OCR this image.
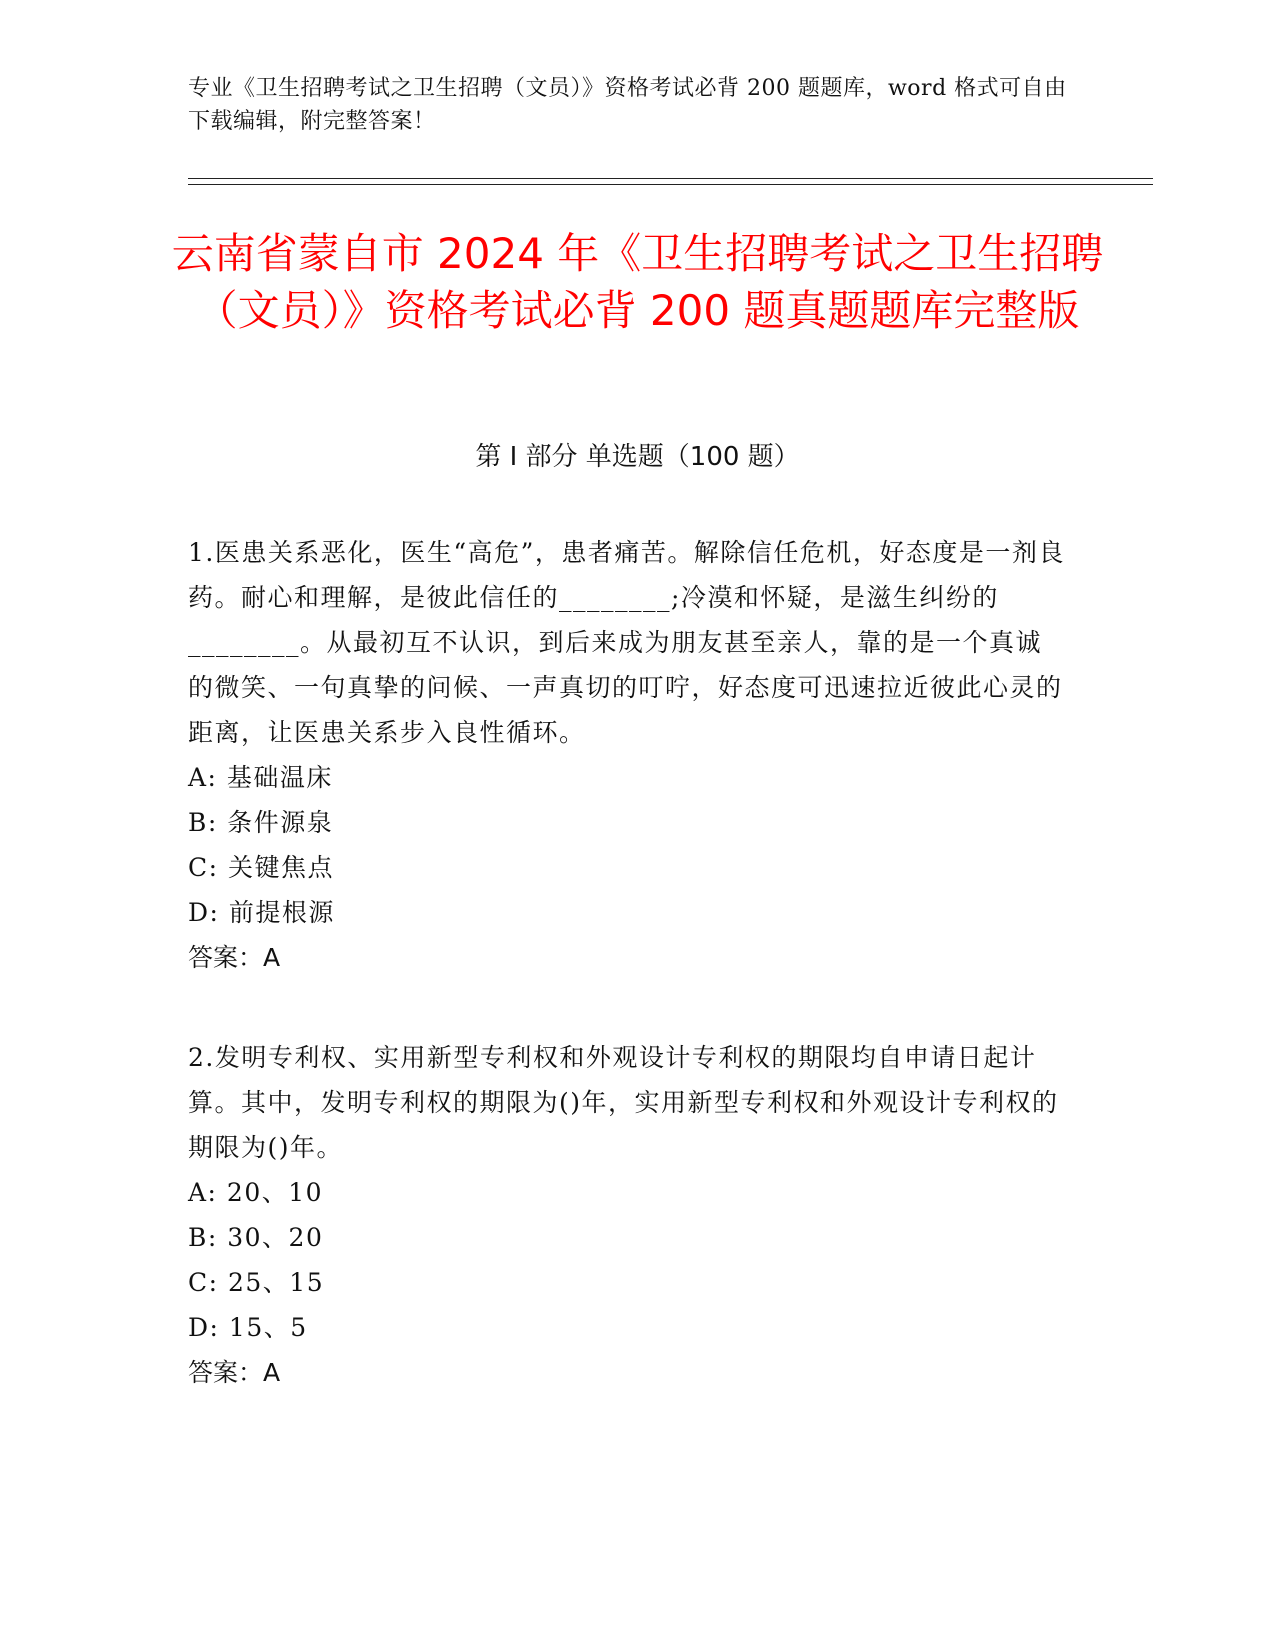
专业《卫生招聘考试之卫生招聘（文员）》资格考试必背 200 题题库，word 格式可自由下载编辑，附完整答案！
云南省蒙自市 2024 年《卫生招聘考试之卫生招聘（文员）》资格考试必背 200 题真题题库完整版
第 I 部分 单选题（100 题）
1.医患关系恶化，医生“高危”，患者痛苦。解除信任危机，好态度是一剂良药。耐心和理解，是彼此信任的________;冷漠和怀疑，是滋生纠纷的________。从最初互不认识，到后来成为朋友甚至亲人，靠的是一个真诚的微笑、一句真挚的问候、一声真切的叮咛，好态度可迅速拉近彼此心灵的距离，让医患关系步入良性循环。
A: 基础温床
B: 条件源泉
C: 关键焦点
D: 前提根源
答案：A
2.发明专利权、实用新型专利权和外观设计专利权的期限均自申请日起计算。其中，发明专利权的期限为()年，实用新型专利权和外观设计专利权的期限为()年。
A: 20、10
B: 30、20
C: 25、15
D: 15、5
答案：A
